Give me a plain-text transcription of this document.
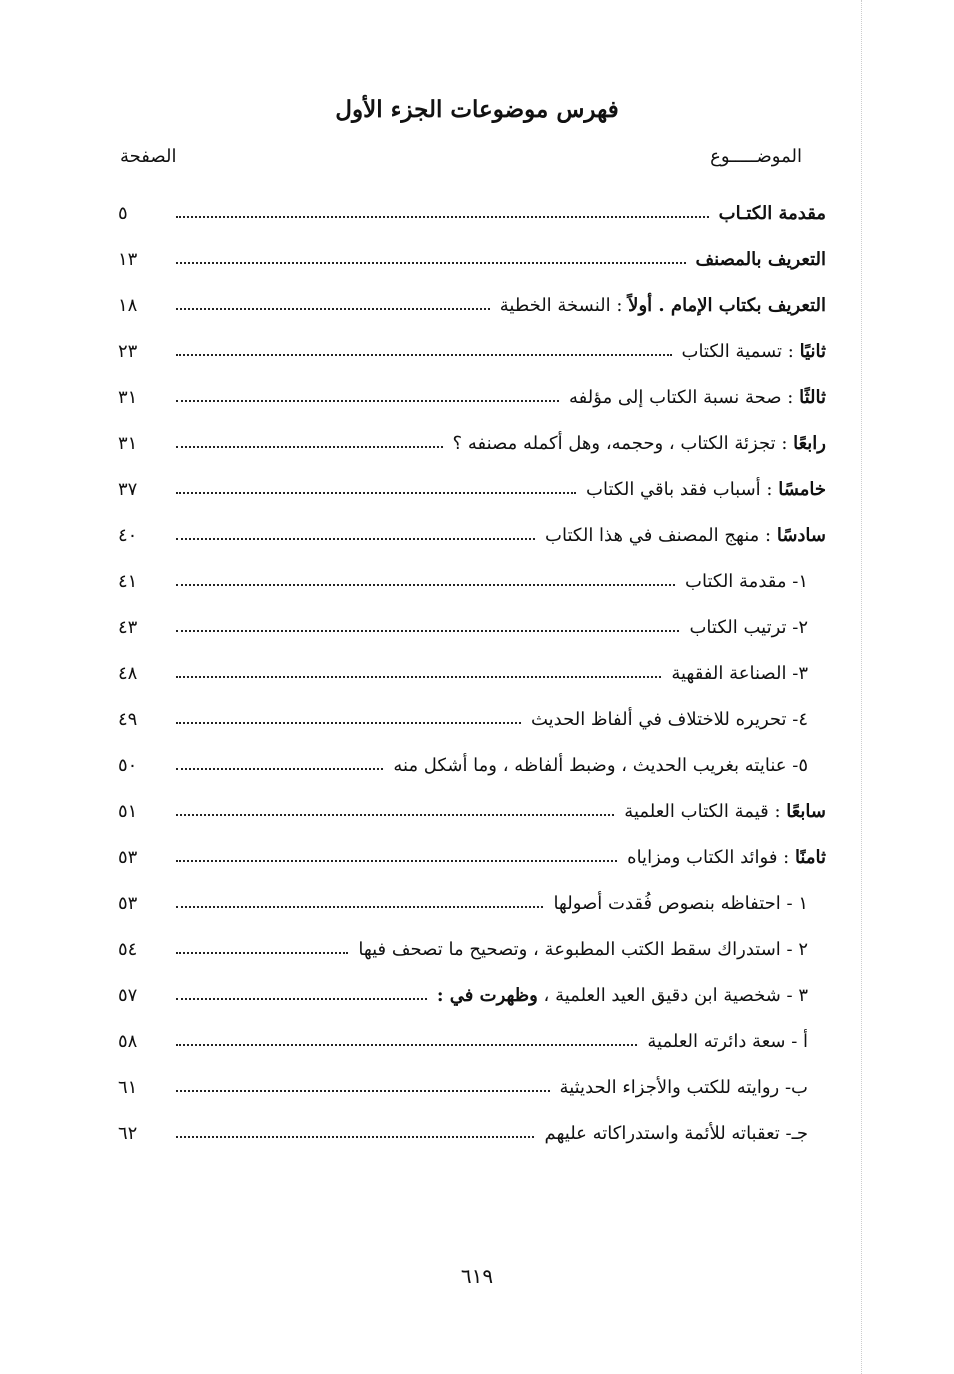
فهرس موضوعات الجزء الأول
الموضـــــوع
الصفحة
مقدمة الكتـاب
٥
التعريف بالمصنف
١٣
التعريف بكتاب الإمام . أولاً : النسخة الخطية
١٨
ثانيًا : تسمية الكتاب
٢٣
ثالثًا : صحة نسبة الكتاب إلى مؤلفه
٣١
رابعًا : تجزئة الكتاب ، وحجمه، وهل أكمله مصنفه ؟
٣١
خامسًا : أسباب فقد باقي الكتاب
٣٧
سادسًا : منهج المصنف في هذا الكتاب
٤٠
١- مقدمة الكتاب
٤١
٢- ترتيب الكتاب
٤٣
٣- الصناعة الفقهية
٤٨
٤- تحريره للاختلاف في ألفاظ الحديث
٤٩
٥- عنايته بغريب الحديث ، وضبط ألفاظه ، وما أشكل منه
٥٠
سابعًا : قيمة الكتاب العلمية
٥١
ثامنًا : فوائد الكتاب ومزاياه
٥٣
١ - احتفاظه بنصوص فُقدت أصولها
٥٣
٢ - استدراك سقط الكتب المطبوعة ، وتصحيح ما تصحف فيها
٥٤
٣ - شخصية ابن دقيق العيد العلمية ، وظهرت في :
٥٧
أ - سعة دائرته العلمية
٥٨
ب- روايته للكتب والأجزاء الحديثية
٦١
جـ- تعقباته للأئمة واستدراكاته عليهم
٦٢
٦١٩
